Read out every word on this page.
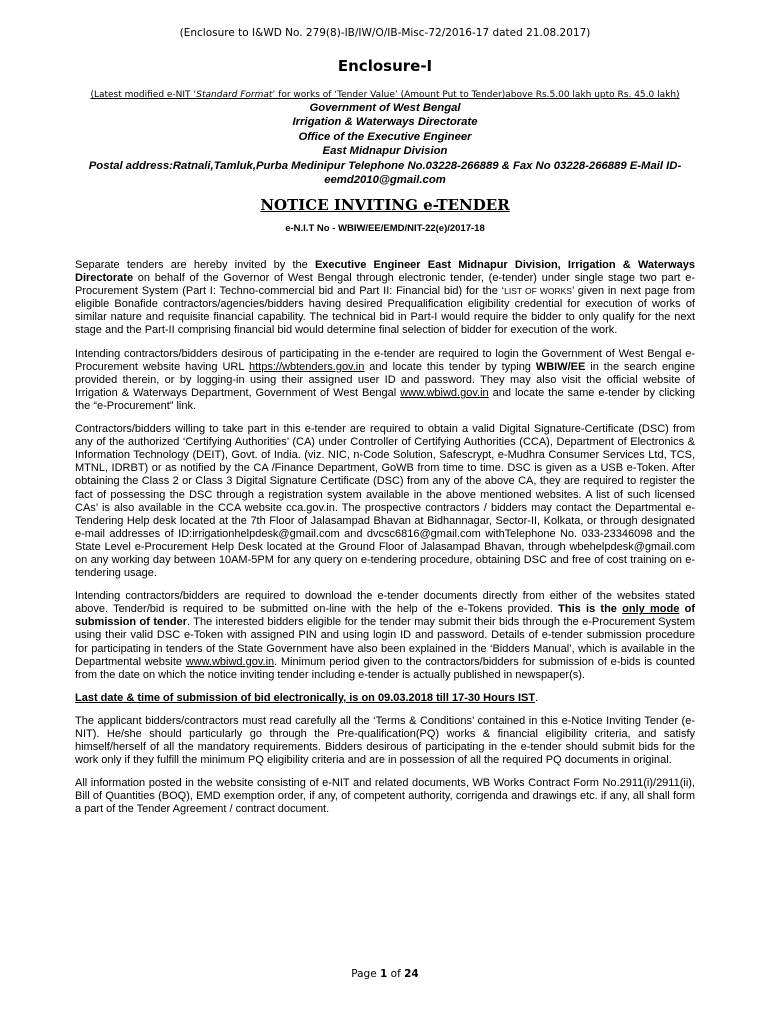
(Enclosure to I&WD No. 279(8)-IB/IW/O/IB-Misc-72/2016-17 dated 21.08.2017)
Enclosure-I
(Latest modified e-NIT ‘Standard Format’ for works of ‘Tender Value’ (Amount Put to Tender)above Rs.5.00 lakh upto Rs. 45.0 lakh)
Government of West Bengal
Irrigation & Waterways Directorate
Office of the Executive Engineer
East Midnapur Division
Postal address:Ratnali,Tamluk,Purba Medinipur Telephone No.03228-266889 & Fax No 03228-266889 E-Mail ID-eemd2010@gmail.com
NOTICE INVITING e-TENDER
e-N.I.T No - WBIW/EE/EMD/NIT-22(e)/2017-18

Separate tenders are hereby invited by the Executive Engineer East Midnapur Division, Irrigation & Waterways Directorate on behalf of the Governor of West Bengal through electronic tender, (e-tender) under single stage two part e-Procurement System (Part I: Techno-commercial bid and Part II: Financial bid) for the ‘LIST OF WORKS’ given in next page from eligible Bonafide contractors/agencies/bidders having desired Prequalification eligibility credential for execution of works of similar nature and requisite financial capability. The technical bid in Part-I would require the bidder to only qualify for the next stage and the Part-II comprising financial bid would determine final selection of bidder for execution of the work.

Intending contractors/bidders desirous of participating in the e-tender are required to login the Government of West Bengal e-Procurement website having URL https://wbtenders.gov.in and locate this tender by typing WBIW/EE in the search engine provided therein, or by logging-in using their assigned user ID and password. They may also visit the official website of Irrigation & Waterways Department, Government of West Bengal www.wbiwd.gov.in and locate the same e-tender by clicking the “e-Procurement” link.

Contractors/bidders willing to take part in this e-tender are required to obtain a valid Digital Signature-Certificate (DSC) from any of the authorized ‘Certifying Authorities’ (CA) under Controller of Certifying Authorities (CCA), Department of Electronics & Information Technology (DEIT), Govt. of India. (viz. NIC, n-Code Solution, Safescrypt, e-Mudhra Consumer Services Ltd, TCS, MTNL, IDRBT) or as notified by the CA /Finance Department, GoWB from time to time. DSC is given as a USB e-Token. After obtaining the Class 2 or Class 3 Digital Signature Certificate (DSC) from any of the above CA, they are required to register the fact of possessing the DSC through a registration system available in the above mentioned websites. A list of such licensed CAs’ is also available in the CCA website cca.gov.in. The prospective contractors / bidders may contact the Departmental e-Tendering Help desk located at the 7th Floor of Jalasampad Bhavan at Bidhannagar, Sector-II, Kolkata, or through designated e-mail addresses of ID:irrigationhelpdesk@gmail.com and dvcsc6816@gmail.com withTelephone No. 033-23346098 and the State Level e-Procurement Help Desk located at the Ground Floor of Jalasampad Bhavan, through wbehelpdesk@gmail.com on any working day between 10AM-5PM for any query on e-tendering procedure, obtaining DSC and free of cost training on e-tendering usage.

Intending contractors/bidders are required to download the e-tender documents directly from either of the websites stated above. Tender/bid is required to be submitted on-line with the help of the e-Tokens provided. This is the only mode of submission of tender. The interested bidders eligible for the tender may submit their bids through the e-Procurement System using their valid DSC e-Token with assigned PIN and using login ID and password. Details of e-tender submission procedure for participating in tenders of the State Government have also been explained in the ‘Bidders Manual’, which is available in the Departmental website www.wbiwd.gov.in. Minimum period given to the contractors/bidders for submission of e-bids is counted from the date on which the notice inviting tender including e-tender is actually published in newspaper(s).

Last date & time of submission of bid electronically, is on 09.03.2018 till 17-30 Hours IST.

The applicant bidders/contractors must read carefully all the ‘Terms & Conditions’ contained in this e-Notice Inviting Tender (e-NIT). He/she should particularly go through the Pre-qualification(PQ) works & financial eligibility criteria, and satisfy himself/herself of all the mandatory requirements. Bidders desirous of participating in the e-tender should submit bids for the work only if they fulfill the minimum PQ eligibility criteria and are in possession of all the required PQ documents in original.

All information posted in the website consisting of e-NIT and related documents, WB Works Contract Form No.2911(i)/2911(ii), Bill of Quantities (BOQ), EMD exemption order, if any, of competent authority, corrigenda and drawings etc. if any, all shall form a part of the Tender Agreement / contract document.

Page 1 of 24
